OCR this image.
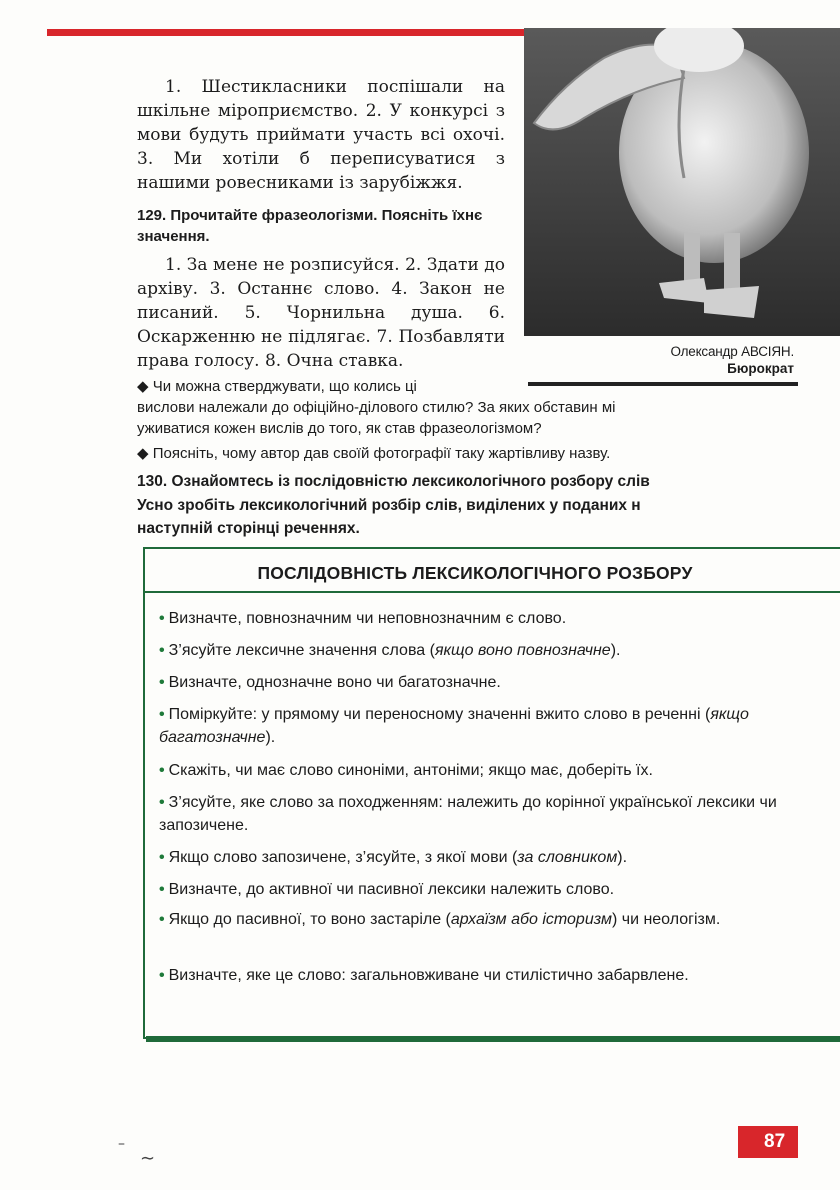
Олександр АВСІЯН.
Бюрократ
1. Шестикласники поспішали на шкільне міроприємство. 2. У конкурсі з мови будуть приймати участь всі охочі. 3. Ми хотіли б переписуватися з нашими ровесниками із зарубіжжя.
129. Прочитайте фразеологізми. Поясніть їхнє значення.
1. За мене не розписуйся. 2. Здати до архіву. 3. Останнє слово. 4. Закон не писаний. 5. Чорнильна душа. 6. Оскарженню не підлягає. 7. Позбавляти права голосу. 8. Очна ставка.
◆ Чи можна стверджувати, що колись ці
вислови належали до офіційно-ділового стилю? За яких обставин мі
уживатися кожен вислів до того, як став фразеологізмом?
◆ Поясніть, чому автор дав своїй фотографії таку жартівливу назву.
130. Ознайомтесь із послідовністю лексикологічного розбору слів
Усно зробіть лексикологічний розбір слів, виділених у поданих н
наступній сторінці реченнях.
ПОСЛІДОВНІСТЬ ЛЕКСИКОЛОГІЧНОГО РОЗБОРУ
• Визначте, повнозначним чи неповнозначним є слово.
• З’ясуйте лексичне значення слова (якщо воно повнозначне).
• Визначте, однозначне воно чи багатозначне.
• Поміркуйте: у прямому чи переносному значенні вжито слово в реченні (якщо багатозначне).
• Скажіть, чи має слово синоніми, антоніми; якщо має, доберіть їх.
• З’ясуйте, яке слово за походженням: належить до корінної української лексики чи запозичене.
• Якщо слово запозичене, з’ясуйте, з якої мови (за словником).
• Визначте, до активної чи пасивної лексики належить слово.
• Якщо до пасивної, то воно застаріле (архаїзм або історизм) чи неологізм.
• Визначте, яке це слово: загальновживане чи стилістично забарвлене.
87
–
∼
